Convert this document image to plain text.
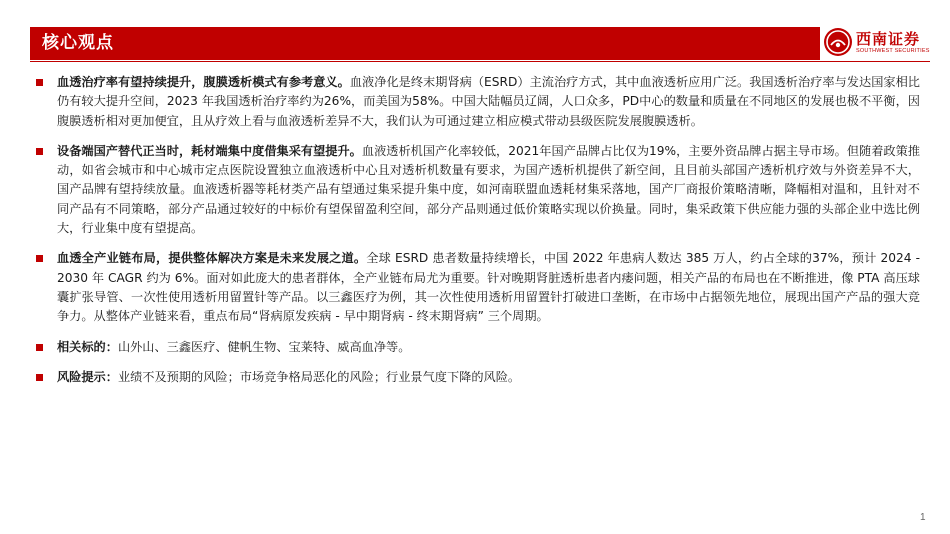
核心观点	西南证券
SOUTHWEST SECURITIES

血透治疗率有望持续提升，腹膜透析模式有参考意义。血液净化是终末期肾病（ESRD）主流治疗方式，其中血液透析应用广泛。我国透析治疗率与发达国家相比仍有较大提升空间，2023 年我国透析治疗率约为26%，而美国为58%。中国大陆幅员辽阔，人口众多，PD中心的数量和质量在不同地区的发展也极不平衡，因腹膜透析相对更加便宜，且从疗效上看与血液透析差异不大，我们认为可通过建立相应模式带动县级医院发展腹膜透析。

设备端国产替代正当时，耗材端集中度借集采有望提升。血液透析机国产化率较低，2021年国产品牌占比仅为19%，主要外资品牌占据主导市场。但随着政策推动，如省会城市和中心城市定点医院设置独立血液透析中心且对透析机数量有要求，为国产透析机提供了新空间，且目前头部国产透析机疗效与外资差异不大，国产品牌有望持续放量。血液透析器等耗材类产品有望通过集采提升集中度，如河南联盟血透耗材集采落地，国产厂商报价策略清晰，降幅相对温和，且针对不同产品有不同策略，部分产品通过较好的中标价有望保留盈利空间，部分产品则通过低价策略实现以价换量。同时，集采政策下供应能力强的头部企业中选比例大，行业集中度有望提高。

血透全产业链布局，提供整体解决方案是未来发展之道。全球 ESRD 患者数量持续增长，中国 2022 年患病人数达 385 万人，约占全球的37%，预计 2024 - 2030 年 CAGR 约为 6%。面对如此庞大的患者群体，全产业链布局尤为重要。针对晚期肾脏透析患者内瘘问题，相关产品的布局也在不断推进，像 PTA 高压球囊扩张导管、一次性使用透析用留置针等产品。以三鑫医疗为例，其一次性使用透析用留置针打破进口垄断，在市场中占据领先地位，展现出国产产品的强大竞争力。从整体产业链来看，重点布局“肾病原发疾病 - 早中期肾病 - 终末期肾病” 三个周期。

相关标的：山外山、三鑫医疗、健帆生物、宝莱特、威高血净等。

风险提示：业绩不及预期的风险；市场竞争格局恶化的风险；行业景气度下降的风险。

1
